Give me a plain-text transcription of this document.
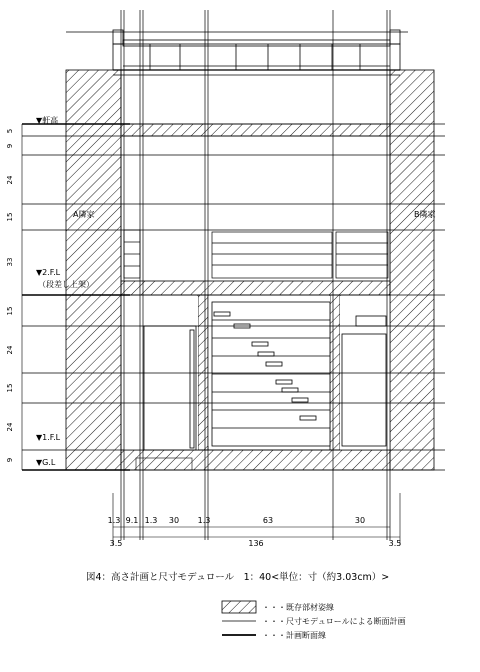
▼軒高
▼2.F.L
（段差し上架）
▼1.F.L
▼G.L
A隣家	B隣家
5
9
24
15
33
15
24
15
24
9
1.3 9.1 1.3 30 1.3	63	30
3.5	136	3.5
図4：高さ計画と尺寸モデュロール　1：40<単位：寸（約3.03cm）>
・・・既存部材姿線
・・・尺寸モデュロールによる断面計画
・・・計画断面線
